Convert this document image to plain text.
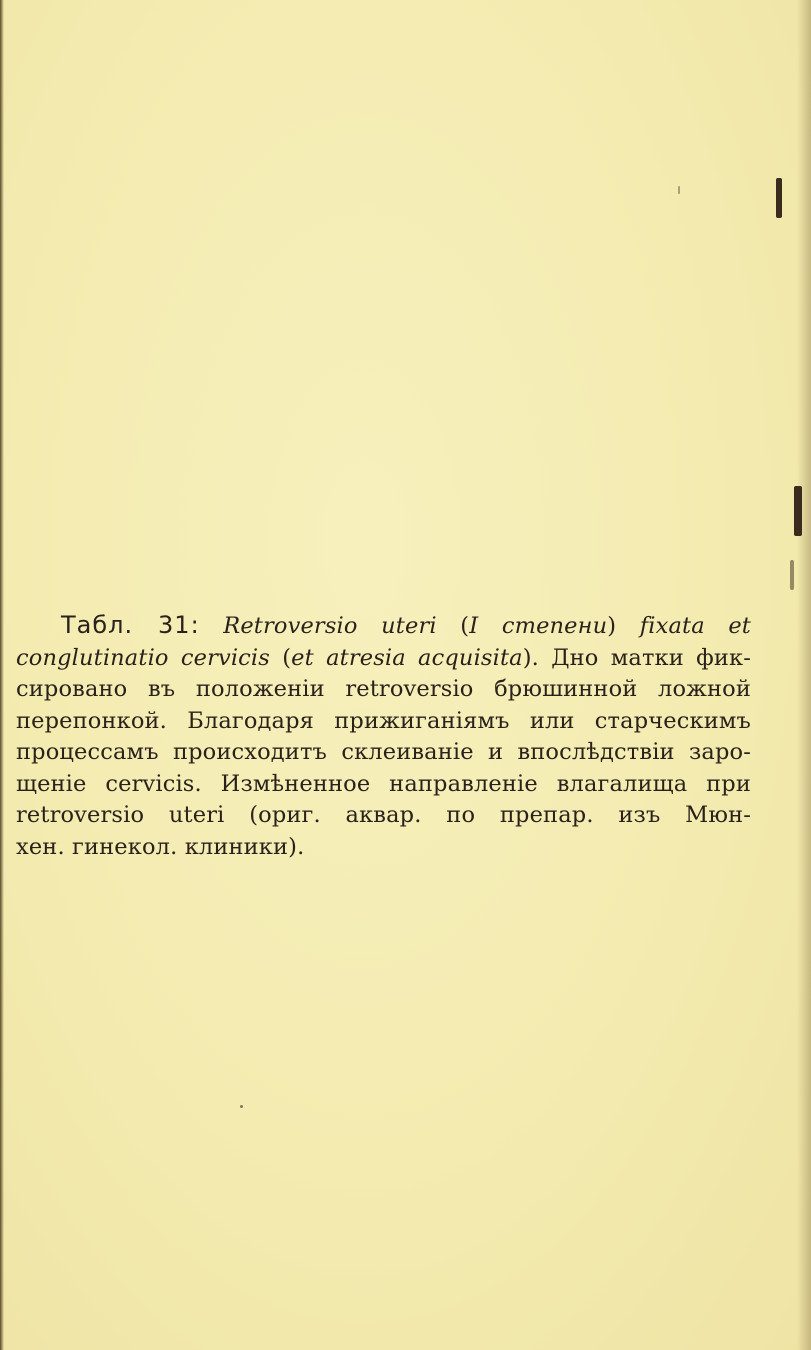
Табл. 31: Retroversio uteri (I степени) fixata et
conglutinatio cervicis (et atresia acquisita). Дно матки фик-
сировано въ положеніи retroversio брюшинной ложной
перепонкой. Благодаря прижиганіямъ или старческимъ
процессамъ происходитъ склеиваніе и впослѣдствіи заро-
щеніе cervicis. Измѣненное направленіе влагалища при
retroversio uteri (ориг. аквар. по препар. изъ Мюн-
хен. гинекол. клиники).
